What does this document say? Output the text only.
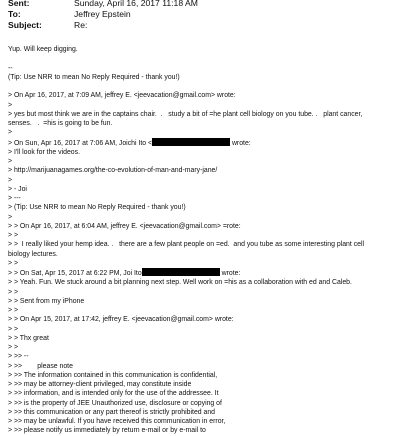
Sent:	Sunday, April 16, 2017 11:18 AM
To:	Jeffrey Epstein
Subject:	Re:
Yup. Will keep digging.
--
(Tip: Use NRR to mean No Reply Required - thank you!)
> On Apr 16, 2017, at 7:09 AM, jeffrey E. <jeevacation@gmail.com> wrote:
>
> yes but most think we are in the captains chair.  .   study a bit of =he plant cell biology on you tube. .   plant cancer,
senses.   .  =his is going to be fun.
>
> On Sun, Apr 16, 2017 at 7:06 AM, Joichi Ito <	wrote:
> I'll look for the videos.
>
> http://marijuanagames.org/the-co-evolution-of-man-and-mary-jane/
>
> - Joi
> ---
> (Tip: Use NRR to mean No Reply Required - thank you!)
>
> > On Apr 16, 2017, at 6:04 AM, jeffrey E. <jeevacation@gmail.com> =rote:
> >
> >  I really liked your hemp idea. .   there are a few plant people on =ed.  and you tube as some interesting plant cell
biology lectures.
> >
> > On Sat, Apr 15, 2017 at 6:22 PM, Joi Ito	wrote:
> > Yeah. Fun. We stuck around a bit planning next step. Well work on =his as a collaboration with ed and Caleb.
> >
> > Sent from my iPhone
> >
> > On Apr 15, 2017, at 17:42, jeffrey E. <jeevacation@gmail.com> wrote:
> >
> > Thx great
> >
> >> --
> >>        please note
> >> The information contained in this communication is confidential,
> >> may be attorney-client privileged, may constitute inside
> >> information, and is intended only for the use of the addressee. It
> >> is the property of JEE Unauthorized use, disclosure or copying of
> >> this communication or any part thereof is strictly prohibited and
> >> may be unlawful. If you have received this communication in error,
> >> please notify us immediately by return e-mail or by e-mail to
